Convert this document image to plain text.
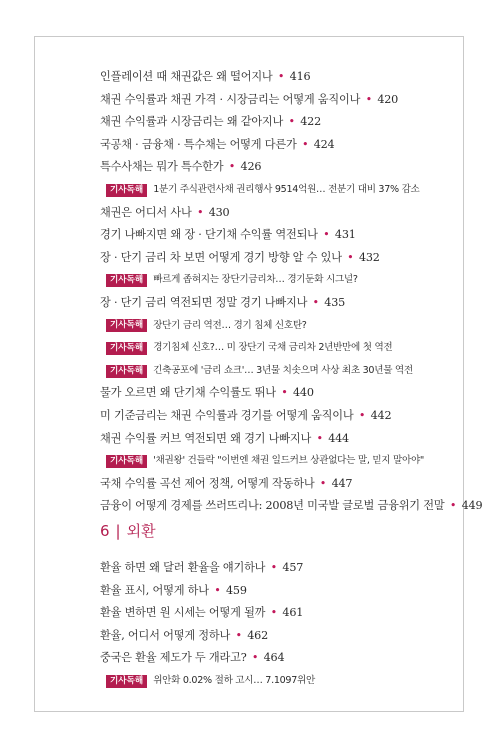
인플레이션 때 채권값은 왜 떨어지나 • 416
채권 수익률과 채권 가격 · 시장금리는 어떻게 움직이나 • 420
채권 수익률과 시장금리는 왜 같아지나 • 422
국공채 · 금융채 · 특수채는 어떻게 다른가 • 424
특수사채는 뭐가 특수한가 • 426
기사독해	1분기 주식관련사채 권리행사 9514억원… 전분기 대비 37% 감소
채권은 어디서 사나 • 430
경기 나빠지면 왜 장 · 단기채 수익률 역전되나 • 431
장 · 단기 금리 차 보면 어떻게 경기 방향 알 수 있나 • 432
기사독해	빠르게 좁혀지는 장단기금리차… 경기둔화 시그널?
장 · 단기 금리 역전되면 정말 경기 나빠지나 • 435
기사독해	장단기 금리 역전… 경기 침체 신호탄?
기사독해	경기침체 신호?… 미 장단기 국채 금리차 2년반만에 첫 역전
기사독해	긴축공포에 '금리 쇼크'… 3년물 치솟으며 사상 최초 30년물 역전
물가 오르면 왜 단기채 수익률도 뛰나 • 440
미 기준금리는 채권 수익률과 경기를 어떻게 움직이나 • 442
채권 수익률 커브 역전되면 왜 경기 나빠지나 • 444
기사독해	'채권왕' 건들락 "이번엔 채권 일드커브 상관없다는 말, 믿지 말아야"
국채 수익률 곡선 제어 정책, 어떻게 작동하나 • 447
금융이 어떻게 경제를 쓰러뜨리나: 2008년 미국발 글로벌 금융위기 전말 • 449
6 | 외환
환율 하면 왜 달러 환율을 얘기하나 • 457
환율 표시, 어떻게 하나 • 459
환율 변하면 원 시세는 어떻게 될까 • 461
환율, 어디서 어떻게 정하나 • 462
중국은 환율 제도가 두 개라고? • 464
기사독해	위안화 0.02% 절하 고시… 7.1097위안
